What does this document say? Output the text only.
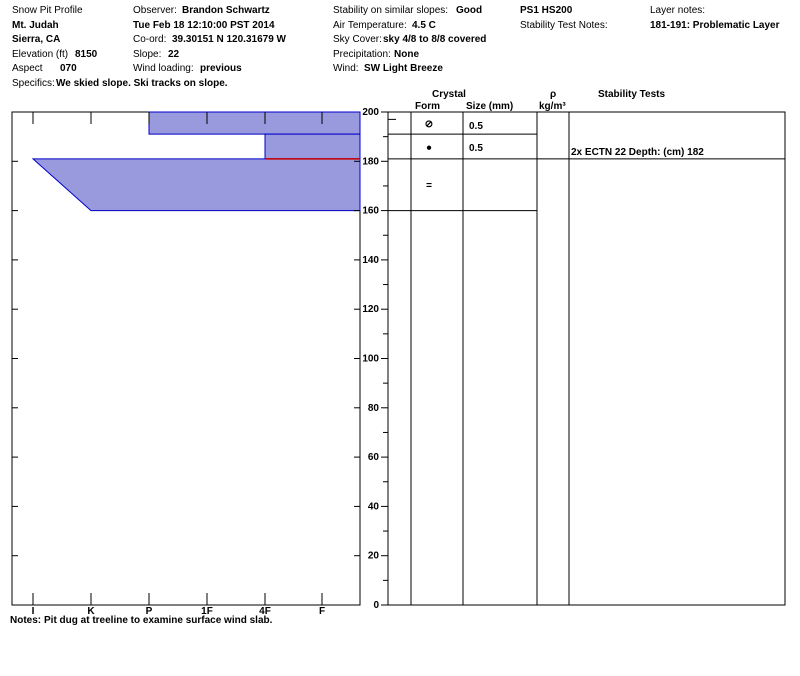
Snow Pit Profile
Mt. Judah
Sierra, CA
Elevation (ft) 8150
Aspect 070
Specifics: We skied slope. Ski tracks on slope.
Observer: Brandon Schwartz
Tue Feb 18 12:10:00 PST 2014
Co-ord: 39.30151 N 120.31679 W
Slope: 22
Wind loading: previous
Stability on similar slopes: Good
Air Temperature: 4.5 C
Sky Cover: sky 4/8 to 8/8 covered
Precipitation: None
Wind: SW Light Breeze
PS1 HS200
Stability Test Notes:
Layer notes:
181-191: Problematic Layer
Crystal
Form	Size (mm)
ρ
kg/m³
Stability Tests
I	K	P	1F	4F	F
0
20
40
60
80
100
120
140
160
180
200
⊘	0.5
●	0.5	2x ECTN 22 Depth: (cm) 182
=
Notes: Pit dug at treeline to examine surface wind slab.
